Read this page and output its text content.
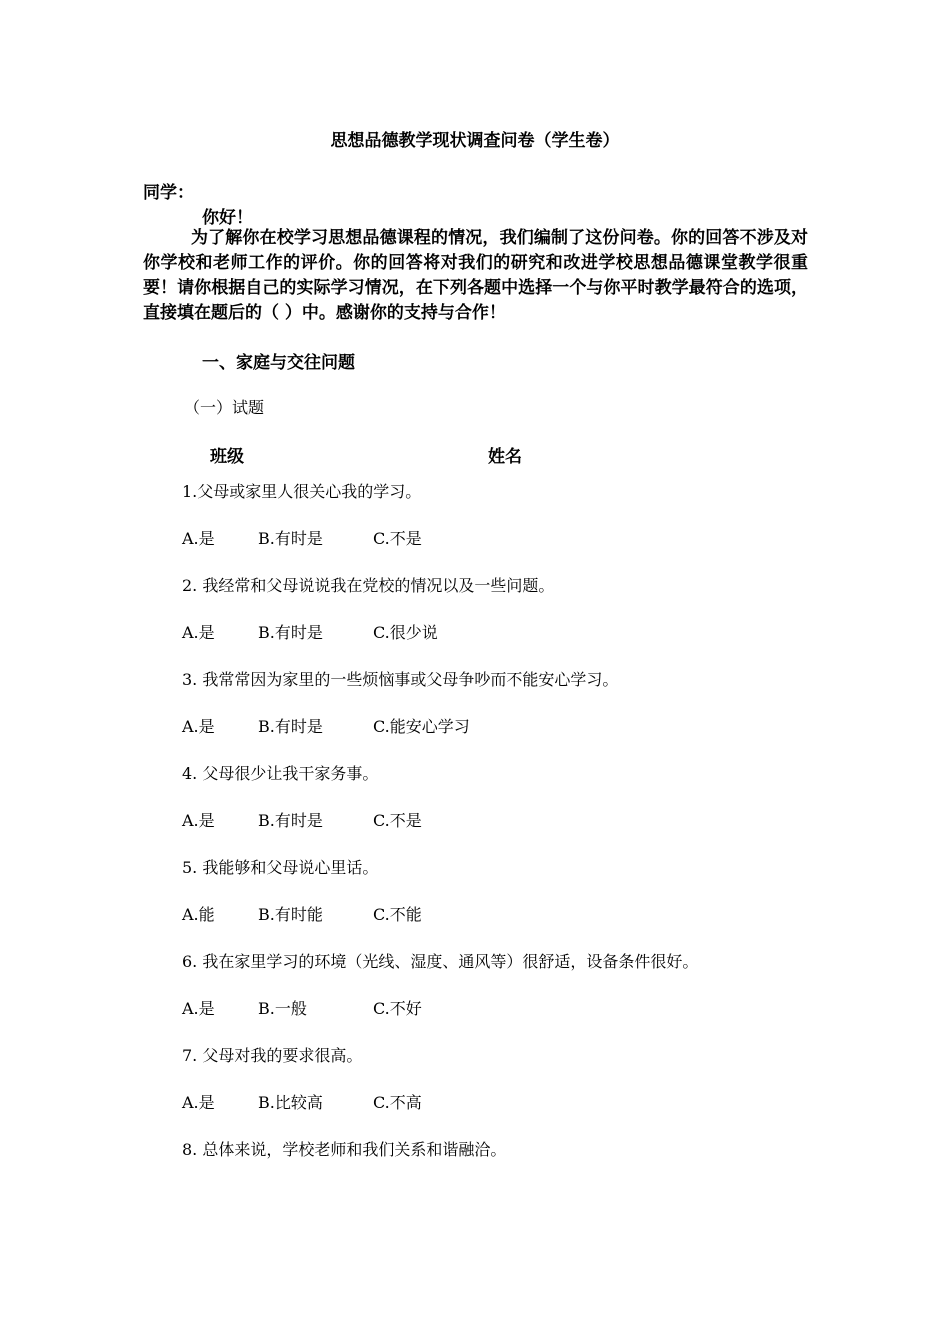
思想品德教学现状调查问卷（学生卷）
同学：
你好！
为了解你在校学习思想品德课程的情况，我们编制了这份问卷。你的回答不涉及对你学校和老师工作的评价。你的回答将对我们的研究和改进学校思想品德课堂教学很重要！请你根据自己的实际学习情况，在下列各题中选择一个与你平时教学最符合的选项，直接填在题后的（ ）中。感谢你的支持与合作！
一、家庭与交往问题
（一）试题
班级	姓名
1.父母或家里人很关心我的学习。
A.是	B.有时是	C.不是
2. 我经常和父母说说我在党校的情况以及一些问题。
A.是	B.有时是	C.很少说
3. 我常常因为家里的一些烦恼事或父母争吵而不能安心学习。
A.是	B.有时是	C.能安心学习
4. 父母很少让我干家务事。
A.是	B.有时是	C.不是
5. 我能够和父母说心里话。
A.能	B.有时能	C.不能
6. 我在家里学习的环境（光线、湿度、通风等）很舒适，设备条件很好。
A.是	B.一般	C.不好
7. 父母对我的要求很高。
A.是	B.比较高	C.不高
8. 总体来说，学校老师和我们关系和谐融洽。
